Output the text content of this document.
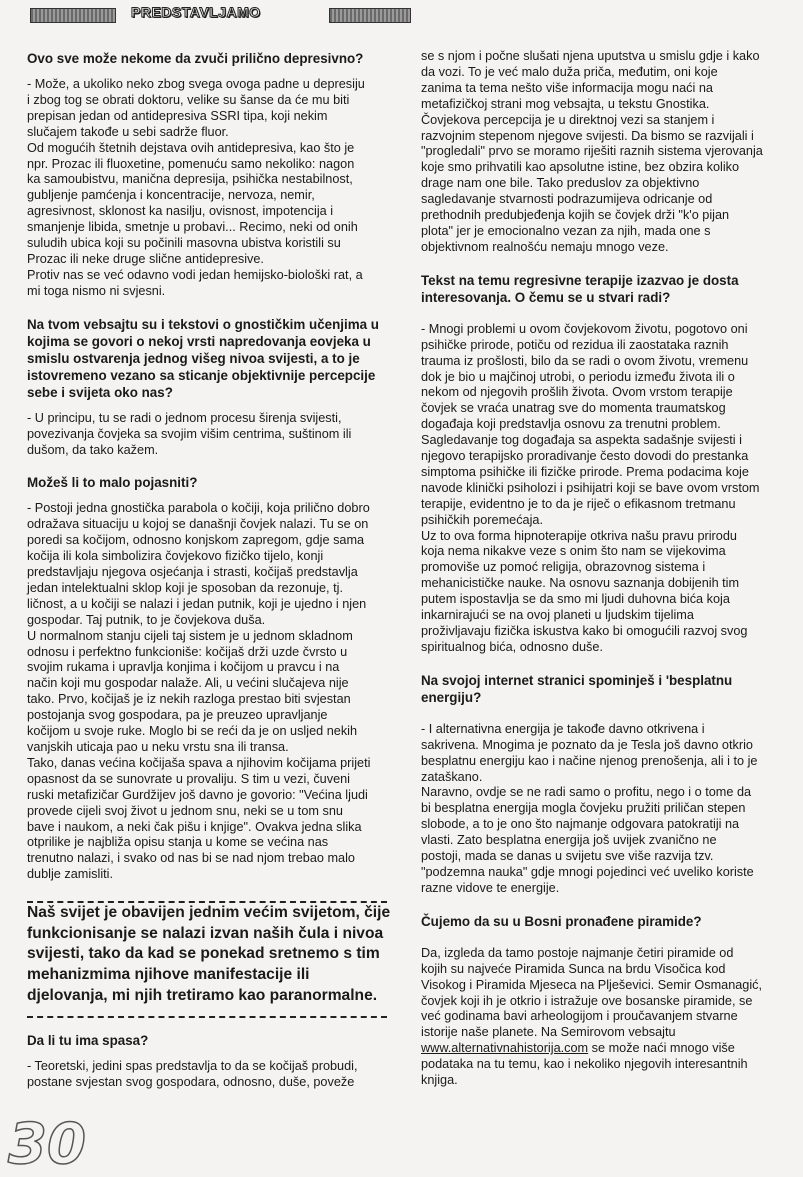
PREDSTAVLJAMO

Ovo sve može nekome da zvuči prilično depresivno?

- Može, a ukoliko neko zbog svega ovoga padne u depresiju
i zbog tog se obrati doktoru, velike su šanse da će mu biti
prepisan jedan od antidepresiva SSRI tipa, koji nekim
slučajem takođe u sebi sadrže fluor.
Od mogućih štetnih dejstava ovih antidepresiva, kao što je
npr. Prozac ili fluoxetine, pomenuću samo nekoliko: nagon
ka samoubistvu, manična depresija, psihička nestabilnost,
gubljenje pamćenja i koncentracije, nervoza, nemir,
agresivnost, sklonost ka nasilju, ovisnost, impotencija i
smanjenje libida, smetnje u probavi... Recimo, neki od onih
suludih ubica koji su počinili masovna ubistva koristili su
Prozac ili neke druge slične antidepresive.
Protiv nas se već odavno vodi jedan hemijsko-biološki rat, a
mi toga nismo ni svjesni.

Na tvom vebsajtu su i tekstovi o gnostičkim učenjima u
kojima se govori o nekoj vrsti napredovanja eovjeka u
smislu ostvarenja jednog višeg nivoa svijesti, a to je
istovremeno vezano sa sticanje objektivnije percepcije
sebe i svijeta oko nas?

- U principu, tu se radi o jednom procesu širenja svijesti,
povezivanja čovjeka sa svojim višim centrima, suštinom ili
dušom, da tako kažem.

Možeš li to malo pojasniti?

- Postoji jedna gnostička parabola o kočiji, koja prilično dobro
odražava situaciju u kojoj se današnji čovjek nalazi. Tu se on
poredi sa kočijom, odnosno konjskom zapregom, gdje sama
kočija ili kola simbolizira čovjekovo fizičko tijelo, konji
predstavljaju njegova osjećanja i strasti, kočijaš predstavlja
jedan intelektualni sklop koji je sposoban da rezonuje, tj.
ličnost, a u kočiji se nalazi i jedan putnik, koji je ujedno i njen
gospodar. Taj putnik, to je čovjekova duša.
U normalnom stanju cijeli taj sistem je u jednom skladnom
odnosu i perfektno funkcioniše: kočijaš drži uzde čvrsto u
svojim rukama i upravlja konjima i kočijom u pravcu i na
način koji mu gospodar nalaže. Ali, u većini slučajeva nije
tako. Prvo, kočijaš je iz nekih razloga prestao biti svjestan
postojanja svog gospodara, pa je preuzeo upravljanje
kočijom u svoje ruke. Moglo bi se reći da je on usljed nekih
vanjskih uticaja pao u neku vrstu sna ili transa.
Tako, danas većina kočijaša spava a njihovim kočijama prijeti
opasnost da se sunovrate u provaliju. S tim u vezi, čuveni
ruski metafizičar Gurdžijev još davno je govorio: "Većina ljudi
provede cijeli svoj život u jednom snu, neki se u tom snu
bave i naukom, a neki čak pišu i knjige". Ovakva jedna slika
otprilike je najbliža opisu stanja u kome se većina nas
trenutno nalazi, i svako od nas bi se nad njom trebao malo
dublje zamisliti.

Naš svijet je obavijen jednim većim svijetom, čije
funkcionisanje se nalazi izvan naših čula i nivoa
svijesti, tako da kad se ponekad sretnemo s tim
mehanizmima njihove manifestacije ili
djelovanja, mi njih tretiramo kao paranormalne.

Da li tu ima spasa?

- Teoretski, jedini spas predstavlja to da se kočijaš probudi,
postane svjestan svog gospodara, odnosno, duše, poveže

se s njom i počne slušati njena uputstva u smislu gdje i kako
da vozi. To je već malo duža priča, međutim, oni koje
zanima ta tema nešto više informacija mogu naći na
metafizičkoj strani mog vebsajta, u tekstu Gnostika.
Čovjekova percepcija je u direktnoj vezi sa stanjem i
razvojnim stepenom njegove svijesti. Da bismo se razvijali i
"progledali" prvo se moramo riješiti raznih sistema vjerovanja
koje smo prihvatili kao apsolutne istine, bez obzira koliko
drage nam one bile. Tako preduslov za objektivno
sagledavanje stvarnosti podrazumijeva odricanje od
prethodnih predubjeđenja kojih se čovjek drži "k'o pijan
plota" jer je emocionalno vezan za njih, mada one s
objektivnom realnošću nemaju mnogo veze.

Tekst na temu regresivne terapije izazvao je dosta
interesovanja. O čemu se u stvari radi?

- Mnogi problemi u ovom čovjekovom životu, pogotovo oni
psihičke prirode, potiču od rezidua ili zaostataka raznih
trauma iz prošlosti, bilo da se radi o ovom životu, vremenu
dok je bio u majčinoj utrobi, o periodu između života ili o
nekom od njegovih prošlih života. Ovom vrstom terapije
čovjek se vraća unatrag sve do momenta traumatskog
događaja koji predstavlja osnovu za trenutni problem.
Sagledavanje tog događaja sa aspekta sadašnje svijesti i
njegovo terapijsko proradivanje često dovodi do prestanka
simptoma psihičke ili fizičke prirode. Prema podacima koje
navode klinički psiholozi i psihijatri koji se bave ovom vrstom
terapije, evidentno je to da je riječ o efikasnom tretmanu
psihičkih poremećaja.
Uz to ova forma hipnoterapije otkriva našu pravu prirodu
koja nema nikakve veze s onim što nam se vijekovima
promoviše uz pomoć religija, obrazovnog sistema i
mehanicističke nauke. Na osnovu saznanja dobijenih tim
putem ispostavlja se da smo mi ljudi duhovna bića koja
inkarnirajući se na ovoj planeti u ljudskim tijelima
proživljavaju fizička iskustva kako bi omogućili razvoj svog
spiritualnog bića, odnosno duše.

Na svojoj internet stranici spominješ i 'besplatnu
energiju?

- I alternativna energija je takođe davno otkrivena i
sakrivena. Mnogima je poznato da je Tesla još davno otkrio
besplatnu energiju kao i načine njenog prenošenja, ali i to je
zataškano.
Naravno, ovdje se ne radi samo o profitu, nego i o tome da
bi besplatna energija mogla čovjeku pružiti priličan stepen
slobode, a to je ono što najmanje odgovara patokratiji na
vlasti. Zato besplatna energija još uvijek zvanično ne
postoji, mada se danas u svijetu sve više razvija tzv.
"podzemna nauka" gdje mnogi pojedinci već uveliko koriste
razne vidove te energije.

Čujemo da su u Bosni pronađene piramide?

Da, izgleda da tamo postoje najmanje četiri piramide od
kojih su najveće Piramida Sunca na brdu Visočica kod
Visokog i Piramida Mjeseca na Plješevici. Semir Osmanagić,
čovjek koji ih je otkrio i istražuje ove bosanske piramide, se
već godinama bavi arheologijom i proučavanjem stvarne
istorije naše planete. Na Semirovom vebsajtu
www.alternativnahistorija.com se može naći mnogo više
podataka na tu temu, kao i nekoliko njegovih interesantnih
knjiga.

30
